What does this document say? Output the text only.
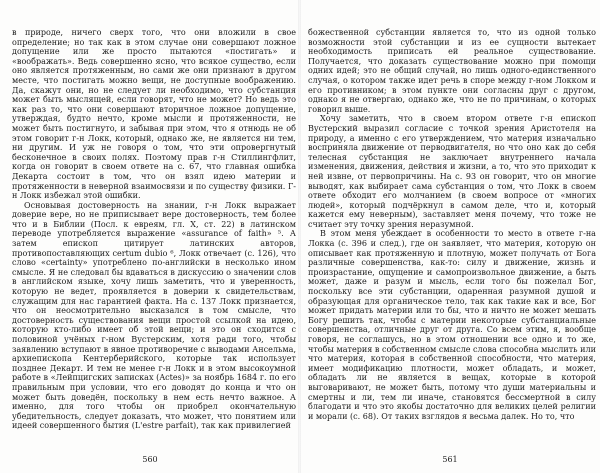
в природе, ничего сверх того, что они вложили в свое определение; но так как в этом случае они совершают ложное допущение или же просто пытаются «постигать» и «воображать». Ведь совершенно ясно, что всякое существо, если оно является протяженным, но сами же они признают в другом месте, что постигать можно вещи, не доступные воображению. Да, скажут они, но не следует ли необходимо, что субстанция может быть мыслящей, если говорят, что не может? Но ведь это как раз то, что они совершают вторичное ложное допущение, утверждая, будто нечто, кроме мысли и протяженности, не может быть постигнуто, и забывая при этом, что я отнюдь не об этом говорит г-н Локк, который, однако же, не является ни тем, ни другим. И уж не говоря о том, что эти опровергнутый бесконечное в своих полях. Поэтому прав г-н Стиллингфлит, когда он говорит в своем ответе на с. 67, что главная ошибка Декарта состоит в том, что он взял идею материи и протяженности в неверной взаимосвязи и по существу физики. Г-н Локк избежал этой ошибки.

Основывая достоверность на знании, г-н Локк выражает доверие вере, но не приписывает вере достоверность, тем более что и в Библии (Посл. к евреям, гл. X, ст. 22) в латинском переводе употребляется выражение «assurance of faith» ⁵. А затем епископ цитирует латинских авторов, противопоставляющих certum dubio ⁶, Локк отвечает (с. 126), что слово «certainty» употреблено по-английски в несколько ином смысле. Я не следовал бы вдаваться в дискуссию о значении слов в английском языке, хочу лишь заметить, что и уверенность, которую не ведет, проявляется в доверии к свидетельствам, служащим для нас гарантией факта. На с. 137 Локк признается, что он неосмотрительно высказался в том смысле, что достоверность существования вещи простой ссылкой на идею, которую кто-либо имеет об этой вещи; и это он сходится с половиной учёных г-ном Вустерским, хотя ради того, чтобы заявлению вступают в явное противоречие с выводами Ансельма, архиепископа Кентерберийского, которые так использует позднее Декарт. И тем не менее г-н Локк и в этом высокоумной работе в «Лейпцигских записках (Actes)» за ноябрь 1684 г. по его правильным при условии, что его доводят до конца и что он может быть доведён, поскольку в нем есть нечто важное. А именно, для того чтобы он приобрел окончательную убедительность, следует доказать, что может, что понятием или идеей совершенного бытия (L'estre parfait), так как привилегией

560

божественной субстанции является то, что из одной только возможности этой субстанции и из ее сущности вытекает необходимость приписать ей реальное существование. Получается, что доказать существование можно при помощи одних идей; это не общий случай, но лишь одного-единственного случая, о котором также идет речь в споре между г-ном Локком и его противником; в этом пункте они согласны друг с другом, однако я не отвергаю, однако же, что не по причинам, о которых говорил выше.

Хочу заметить, что в своем втором ответе г-н епископ Вустерский выразил согласие с точкой зрения Аристотеля на природу, а именно с его утверждением, что материя изначально восприняла движение от перводвигателя, но что оно как до себя телесная субстанция не заключает внутреннего начала изменения, движения, действия и жизни, а то, что это приходит к ней извне, от первопричины. На с. 93 он говорит, что он многие выводят, как выбирает сама субстанция о том, что Локк в своем ответе обходит его молчанием (в своем вопросе от «многих людей», который подчёркнул в самом деле, что и, который кажется ему неверным), заставляет меня почему, что тоже не считает эту точку зрения неразумной.

В этом меня убеждает в особенности то место в ответе г-на Локка (с. 396 и след.), где он заявляет, что материя, которую он описывает как протяженную и плотную, может получать от Бога различные совершенства, как-то: силу и движение, жизнь и произрастание, ощущение и самопроизвольное движение, а быть может, даже и разум и мысль, если того бы пожелал Бог, поскольку все эти субстанции, одаренная разумной душой и образующая для органическое тело, так как такие как и все, Бог может придать материи или то бы, что и ничто не может мешать Богу решить так, чтобы с материи некоторые субстанциальные совершенства, отличные друг от друга. Со всем этим, я, вообще говоря, не соглашусь, но в этом отношении все одно и то же, чтобы материя в собственном смысле слова способна мыслить или что материя, которая в собственной способности, что материя, имеет модификацию плотности, может обладать, и может, обладать ли не является в вещах, которые в которой выговаривают, не может быть, потому что души материальны и смертны и ли, тем ли иначе, становятся бессмертной в силу благодати и что это якобы достаточно для великих целей религии и морали (с. 68). От таких взглядов я весьма далек. Но то, что

561
